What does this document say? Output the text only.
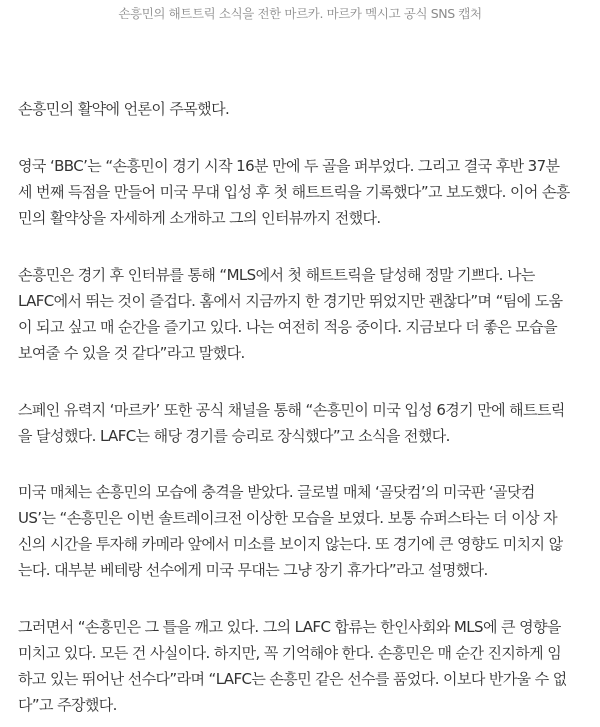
손흥민의 해트트릭 소식을 전한 마르카. 마르카 멕시고 공식 SNS 캡처

손흥민의 활약에 언론이 주목했다.

영국 ‘BBC’는 “손흥민이 경기 시작 16분 만에 두 골을 퍼부었다. 그리고 결국 후반 37분
세 번째 득점을 만들어 미국 무대 입성 후 첫 해트트릭을 기록했다”고 보도했다. 이어 손흥
민의 활약상을 자세하게 소개하고 그의 인터뷰까지 전했다.

손흥민은 경기 후 인터뷰를 통해 “MLS에서 첫 해트트릭을 달성해 정말 기쁘다. 나는
LAFC에서 뛰는 것이 즐겁다. 홈에서 지금까지 한 경기만 뛰었지만 괜찮다”며 “팀에 도움
이 되고 싶고 매 순간을 즐기고 있다. 나는 여전히 적응 중이다. 지금보다 더 좋은 모습을
보여줄 수 있을 것 같다”라고 말했다.

스페인 유력지 ‘마르카’ 또한 공식 채널을 통해 “손흥민이 미국 입성 6경기 만에 해트트릭
을 달성했다. LAFC는 해당 경기를 승리로 장식했다”고 소식을 전했다.

미국 매체는 손흥민의 모습에 충격을 받았다. 글로벌 매체 ‘골닷컴’의 미국판 ‘골닷컴
US’는 “손흥민은 이번 솔트레이크전 이상한 모습을 보였다. 보통 슈퍼스타는 더 이상 자
신의 시간을 투자해 카메라 앞에서 미소를 보이지 않는다. 또 경기에 큰 영향도 미치지 않
는다. 대부분 베테랑 선수에게 미국 무대는 그냥 장기 휴가다”라고 설명했다.

그러면서 “손흥민은 그 틀을 깨고 있다. 그의 LAFC 합류는 한인사회와 MLS에 큰 영향을
미치고 있다. 모든 건 사실이다. 하지만, 꼭 기억해야 한다. 손흥민은 매 순간 진지하게 임
하고 있는 뛰어난 선수다”라며 “LAFC는 손흥민 같은 선수를 품었다. 이보다 반가울 수 없
다”고 주장했다.
